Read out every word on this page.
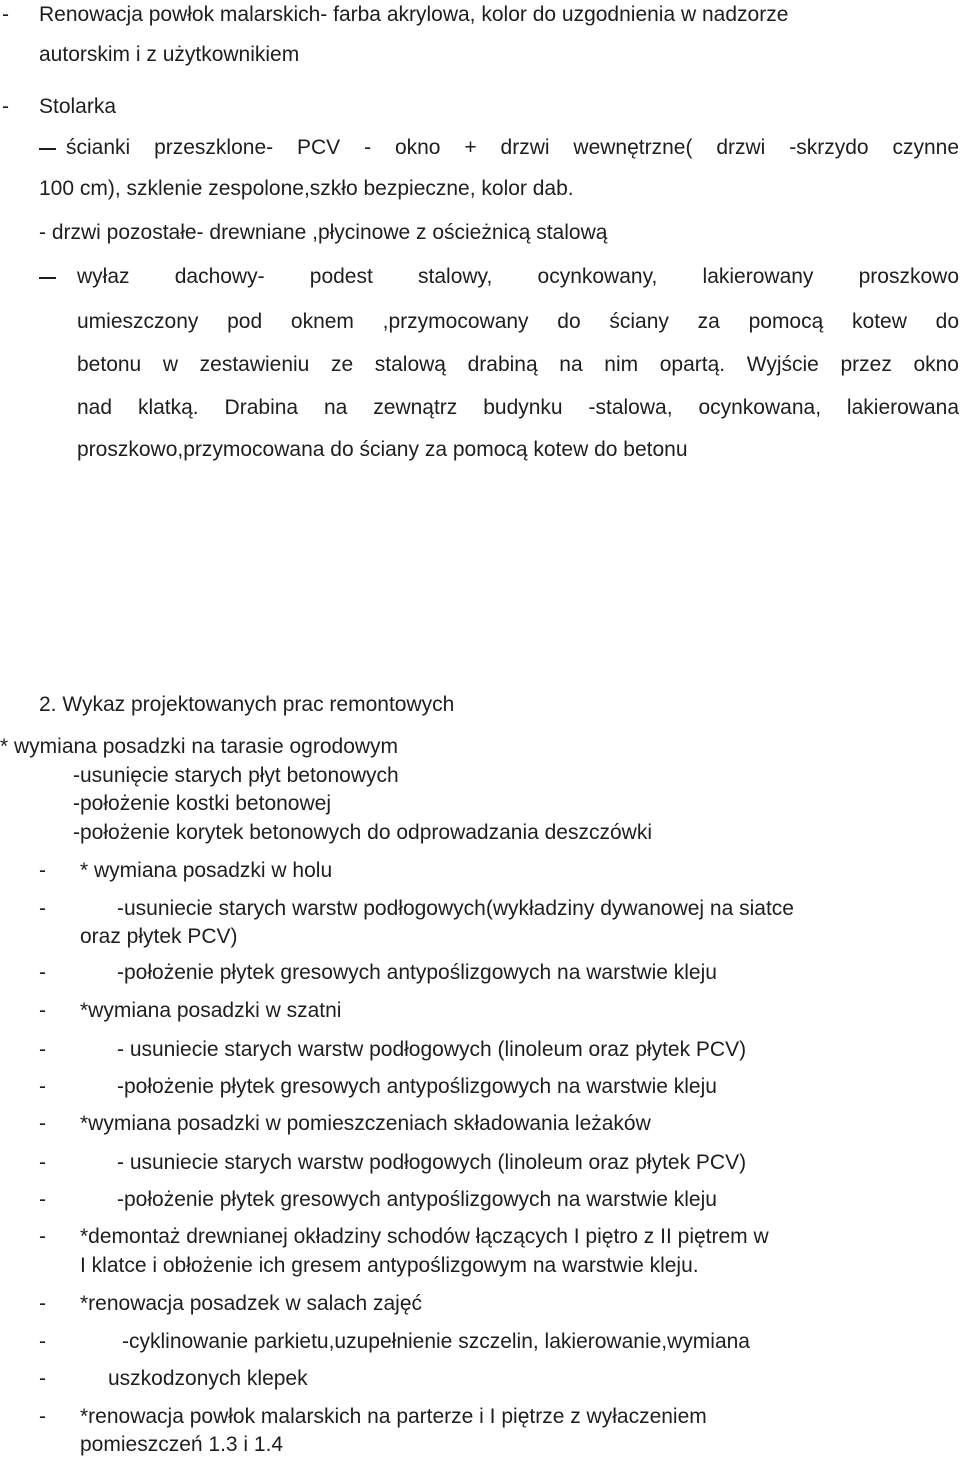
- Renowacja powłok malarskich- farba akrylowa, kolor do uzgodnienia w nadzorze
autorskim i z użytkownikiem
- Stolarka
ścianki przeszklone- PCV - okno + drzwi wewnętrzne( drzwi -skrzydo czynne
100 cm), szklenie zespolone,szkło bezpieczne, kolor dab.
- drzwi pozostałe- drewniane ,płycinowe z ościeżnicą stalową
wyłaz dachowy- podest stalowy, ocynkowany, lakierowany proszkowo
umieszczony pod oknem ,przymocowany do ściany za pomocą kotew do
betonu w zestawieniu ze stalową drabiną na nim opartą. Wyjście przez okno
nad klatką. Drabina na zewnątrz budynku -stalowa, ocynkowana, lakierowana
proszkowo,przymocowana do ściany za pomocą kotew do betonu
2. Wykaz projektowanych prac remontowych
* wymiana posadzki na tarasie ogrodowym
-usunięcie starych płyt betonowych
-położenie kostki betonowej
-położenie korytek betonowych do odprowadzania deszczówki
- * wymiana posadzki w holu
-	-usuniecie starych warstw podłogowych(wykładziny dywanowej na siatce
oraz płytek PCV)
-	-położenie płytek gresowych antypoślizgowych na warstwie kleju
- *wymiana posadzki w szatni
-	- usuniecie starych warstw podłogowych (linoleum oraz płytek PCV)
-	-położenie płytek gresowych antypoślizgowych na warstwie kleju
- *wymiana posadzki w pomieszczeniach składowania leżaków
-	- usuniecie starych warstw podłogowych (linoleum oraz płytek PCV)
-	-położenie płytek gresowych antypoślizgowych na warstwie kleju
- *demontaż drewnianej okładziny schodów łączących I piętro z II piętrem w
I klatce i obłożenie ich gresem antypoślizgowym na warstwie kleju.
- *renowacja posadzek w salach zajęć
-	-cyklinowanie parkietu,uzupełnienie szczelin, lakierowanie,wymiana
-	uszkodzonych klepek
- *renowacja powłok malarskich na parterze i I piętrze z wyłaczeniem
pomieszczeń 1.3 i 1.4
